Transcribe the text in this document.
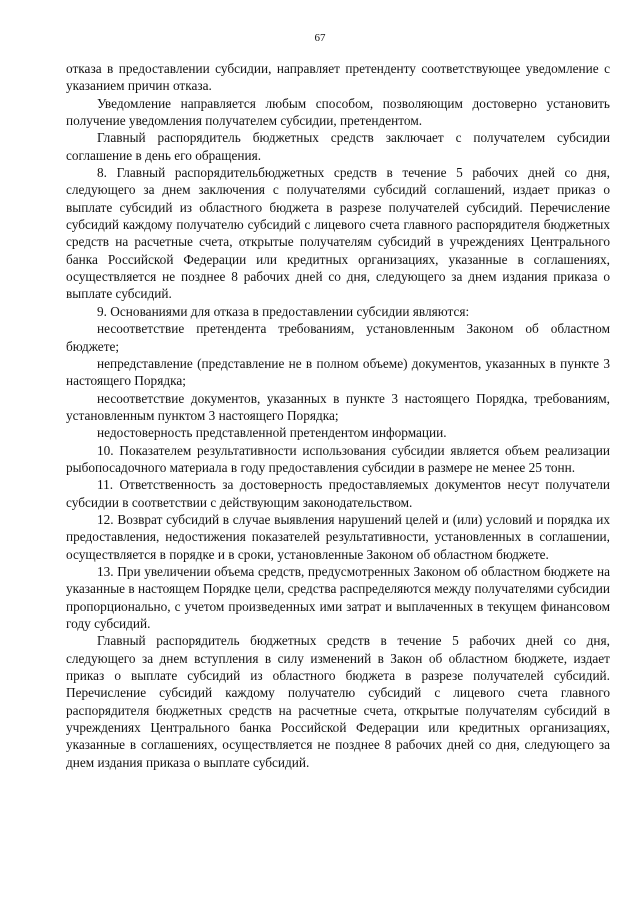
67

отказа в предоставлении субсидии, направляет претенденту соответствующее уведомление с указанием причин отказа.

Уведомление направляется любым способом, позволяющим достоверно установить получение уведомления получателем субсидии, претендентом.

Главный распорядитель бюджетных средств заключает с получателем субсидии соглашение в день его обращения.

8. Главный распорядительбюджетных средств в течение 5 рабочих дней со дня, следующего за днем заключения с получателями субсидий соглашений, издает приказ о выплате субсидий из областного бюджета в разрезе получателей субсидий. Перечисление субсидий каждому получателю субсидий с лицевого счета главного распорядителя бюджетных средств на расчетные счета, открытые получателям субсидий в учреждениях Центрального банка Российской Федерации или кредитных организациях, указанные в соглашениях, осуществляется не позднее 8 рабочих дней со дня, следующего за днем издания приказа о выплате субсидий.

9. Основаниями для отказа в предоставлении субсидии являются:

несоответствие претендента требованиям, установленным Законом об областном бюджете;

непредставление (представление не в полном объеме) документов, указанных в пункте 3 настоящего Порядка;

несоответствие документов, указанных в пункте 3 настоящего Порядка, требованиям, установленным пунктом 3 настоящего Порядка;

недостоверность представленной претендентом информации.

10. Показателем результативности использования субсидии является объем реализации рыбопосадочного материала в году предоставления субсидии в размере не менее 25 тонн.

11. Ответственность за достоверность предоставляемых документов несут получатели субсидии в соответствии с действующим законодательством.

12. Возврат субсидий в случае выявления нарушений целей и (или) условий и порядка их предоставления, недостижения показателей результативности, установленных в соглашении, осуществляется в порядке и в сроки, установленные Законом об областном бюджете.

13. При увеличении объема средств, предусмотренных Законом об областном бюджете на указанные в настоящем Порядке цели, средства распределяются между получателями субсидии пропорционально, с учетом произведенных ими затрат и выплаченных в текущем финансовом году субсидий.

Главный распорядитель бюджетных средств в течение 5 рабочих дней со дня, следующего за днем вступления в силу изменений в Закон об областном бюджете, издает приказ о выплате субсидий из областного бюджета в разрезе получателей субсидий. Перечисление субсидий каждому получателю субсидий с лицевого счета главного распорядителя бюджетных средств на расчетные счета, открытые получателям субсидий в учреждениях Центрального банка Российской Федерации или кредитных организациях, указанные в соглашениях, осуществляется не позднее 8 рабочих дней со дня, следующего за днем издания приказа о выплате субсидий.
